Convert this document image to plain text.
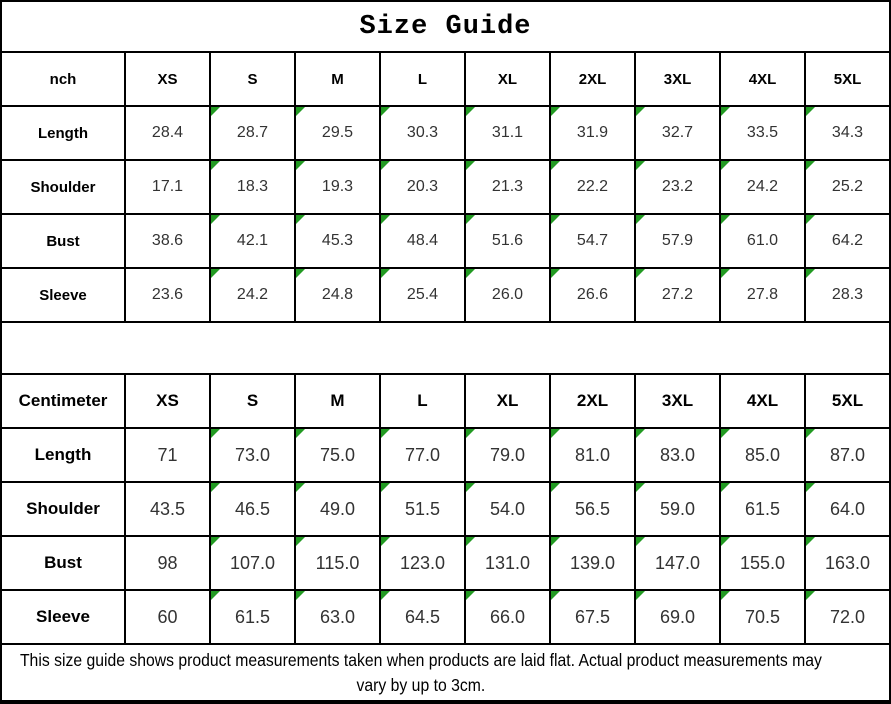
Size Guide
nch	XS	S	M	L	XL	2XL	3XL	4XL	5XL
Length	28.4	28.7	29.5	30.3	31.1	31.9	32.7	33.5	34.3
Shoulder	17.1	18.3	19.3	20.3	21.3	22.2	23.2	24.2	25.2
Bust	38.6	42.1	45.3	48.4	51.6	54.7	57.9	61.0	64.2
Sleeve	23.6	24.2	24.8	25.4	26.0	26.6	27.2	27.8	28.3
Centimeter	XS	S	M	L	XL	2XL	3XL	4XL	5XL
Length	71	73.0	75.0	77.0	79.0	81.0	83.0	85.0	87.0
Shoulder	43.5	46.5	49.0	51.5	54.0	56.5	59.0	61.5	64.0
Bust	98	107.0	115.0	123.0	131.0	139.0	147.0	155.0	163.0
Sleeve	60	61.5	63.0	64.5	66.0	67.5	69.0	70.5	72.0
This size guide shows product measurements taken when products are laid flat. Actual product measurements may vary by up to 3cm.
